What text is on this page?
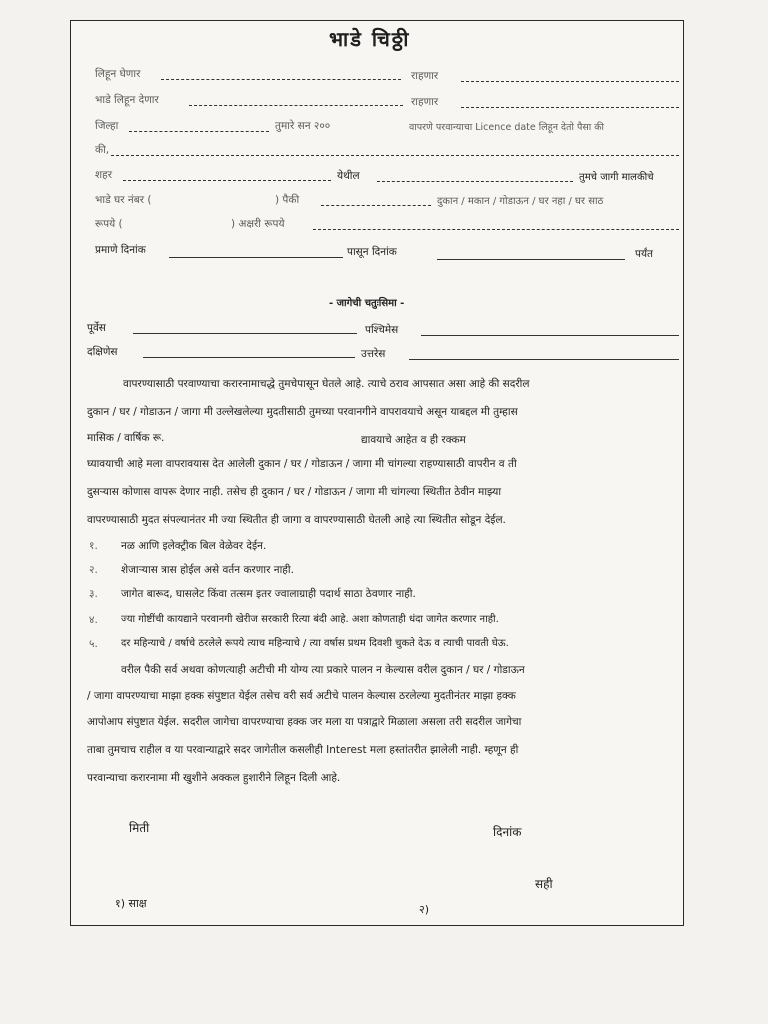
भाडे चिठ्ठी
लिहून घेणार	राहणार
भाडे लिहून देणार	राहणार
जिल्हा	तुमारे सन २००	वापरणे परवान्याचा Licence date लिहून देतो पैसा की
की,
शहर	येथील	तुमचे जागी मालकीचे
भाडे घर नंबर (	) पैकी	दुकान / मकान / गोडाऊन / घर नहा / घर साठ
रूपये (	) अक्षरी रूपये
प्रमाणे दिनांक	पासून दिनांक	पर्यंत
- जागेची चतुःसिमा -
पूर्वेस	पश्चिमेस
दक्षिणेस	उत्तरेस
वापरण्यासाठी परवाण्याचा करारनामाचद्धे तुमचेपासून घेतले आहे. त्याचे ठराव आपसात असा आहे की सदरील
दुकान / घर / गोडाऊन / जागा मी उल्लेखलेल्या मुदतीसाठी तुमच्या परवानगीने वापरावयाचे असून याबद्दल मी तुम्हास
मासिक / वार्षिक रू.	द्यावयाचे आहेत व ही रक्कम
घ्यावयाची आहे मला वापरावयास देत आलेली दुकान / घर / गोडाऊन / जागा मी चांगल्या राहण्यासाठी वापरीन व ती
दुसऱ्यास कोणास वापरू देणार नाही. तसेच ही दुकान / घर / गोडाऊन / जागा मी चांगल्या स्थितीत ठेवीन माझ्या
वापरण्यासाठी मुदत संपल्यानंतर मी ज्या स्थितीत ही जागा व वापरण्यासाठी घेतली आहे त्या स्थितीत सोडून देईल.
१. नळ आणि इलेक्ट्रीक बिल वेळेवर देईन.
२. शेजाऱ्यास त्रास होईल असे वर्तन करणार नाही.
३. जागेत बारूद, घासलेट किंवा तत्सम इतर ज्वालाग्राही पदार्थ साठा ठेवणार नाही.
४. ज्या गोष्टींची कायद्याने परवानगी खेरीज सरकारी रित्या बंदी आहे. अशा कोणताही धंदा जागेत करणार नाही.
५. दर महिन्याचे / वर्षाचे ठरलेले रूपये त्याच महिन्याचे / त्या वर्षास प्रथम दिवशी चुकते देऊ व त्याची पावती घेऊ.
वरील पैकी सर्व अथवा कोणत्याही अटीची मी योग्य त्या प्रकारे पालन न केल्यास वरील दुकान / घर / गोडाऊन
/ जागा वापरण्याचा माझा हक्क संपुष्टात येईल तसेच वरी सर्व अटीचे पालन केल्यास ठरलेल्या मुदतीनंतर माझा हक्क
आपोआप संपुष्टात येईल. सदरील जागेचा वापरण्याचा हक्क जर मला या पत्राद्वारे मिळाला असला तरी सदरील जागेचा
ताबा तुमचाच राहील व या परवान्याद्वारे सदर जागेतील कसलीही Interest मला हस्तांतरीत झालेली नाही. म्हणून ही
परवान्याचा करारनामा मी खुशीने अक्कल हुशारीने लिहून दिली आहे.
मिती	दिनांक
सही
१) साक्ष	२)
